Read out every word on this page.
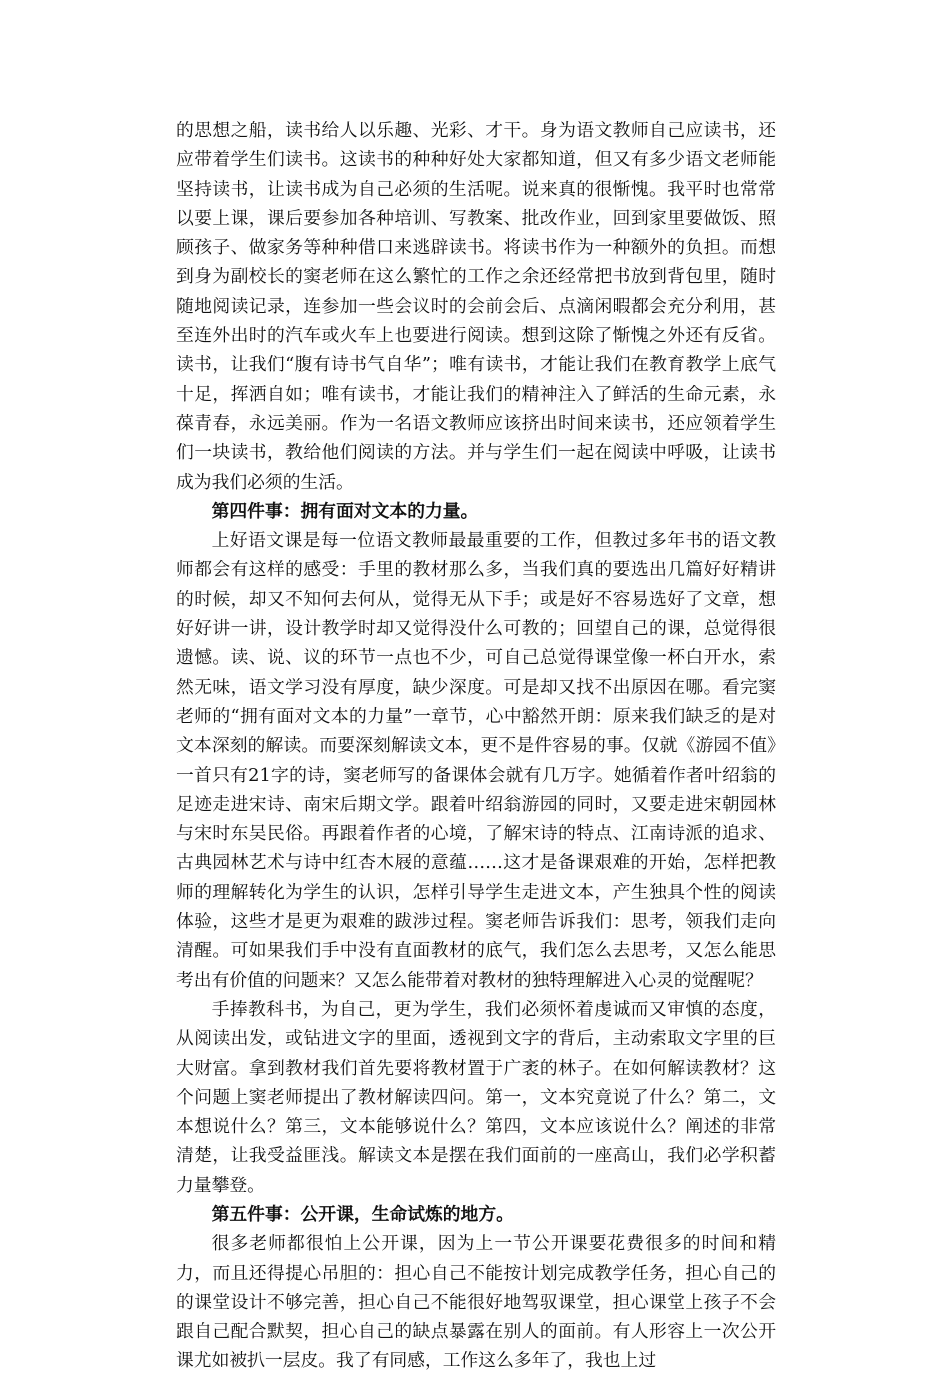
的思想之船，读书给人以乐趣、光彩、才干。身为语文教师自己应读书，还应带着学生们读书。这读书的种种好处大家都知道，但又有多少语文老师能坚持读书，让读书成为自己必须的生活呢。说来真的很惭愧。我平时也常常以要上课，课后要参加各种培训、写教案、批改作业，回到家里要做饭、照顾孩子、做家务等种种借口来逃辟读书。将读书作为一种额外的负担。而想到身为副校长的窦老师在这么繁忙的工作之余还经常把书放到背包里，随时随地阅读记录，连参加一些会议时的会前会后、点滴闲暇都会充分利用，甚至连外出时的汽车或火车上也要进行阅读。想到这除了惭愧之外还有反省。读书，让我们“腹有诗书气自华”；唯有读书，才能让我们在教育教学上底气十足，挥洒自如；唯有读书，才能让我们的精神注入了鲜活的生命元素，永葆青春，永远美丽。作为一名语文教师应该挤出时间来读书，还应领着学生们一块读书，教给他们阅读的方法。并与学生们一起在阅读中呼吸，让读书成为我们必须的生活。

第四件事：拥有面对文本的力量。

上好语文课是每一位语文教师最最重要的工作，但教过多年书的语文教师都会有这样的感受：手里的教材那么多，当我们真的要选出几篇好好精讲的时候，却又不知何去何从，觉得无从下手；或是好不容易选好了文章，想好好讲一讲，设计教学时却又觉得没什么可教的；回望自己的课，总觉得很遗憾。读、说、议的环节一点也不少，可自己总觉得课堂像一杯白开水，索然无味，语文学习没有厚度，缺少深度。可是却又找不出原因在哪。看完窦老师的“拥有面对文本的力量”一章节，心中豁然开朗：原来我们缺乏的是对文本深刻的解读。而要深刻解读文本，更不是件容易的事。仅就《游园不值》一首只有21字的诗，窦老师写的备课体会就有几万字。她循着作者叶绍翁的足迹走进宋诗、南宋后期文学。跟着叶绍翁游园的同时，又要走进宋朝园林与宋时东吴民俗。再跟着作者的心境，了解宋诗的特点、江南诗派的追求、古典园林艺术与诗中红杏木屐的意蕴……这才是备课艰难的开始，怎样把教师的理解转化为学生的认识，怎样引导学生走进文本，产生独具个性的阅读体验，这些才是更为艰难的跋涉过程。窦老师告诉我们：思考，领我们走向清醒。可如果我们手中没有直面教材的底气，我们怎么去思考，又怎么能思考出有价值的问题来？又怎么能带着对教材的独特理解进入心灵的觉醒呢？

手捧教科书，为自己，更为学生，我们必须怀着虔诚而又审慎的态度，从阅读出发，或钻进文字的里面，透视到文字的背后，主动索取文字里的巨大财富。拿到教材我们首先要将教材置于广袤的林子。在如何解读教材？这个问题上窦老师提出了教材解读四问。第一，文本究竟说了什么？第二，文本想说什么？第三，文本能够说什么？第四，文本应该说什么？阐述的非常清楚，让我受益匪浅。解读文本是摆在我们面前的一座高山，我们必学积蓄力量攀登。

第五件事：公开课，生命试炼的地方。

很多老师都很怕上公开课，因为上一节公开课要花费很多的时间和精力，而且还得提心吊胆的：担心自己不能按计划完成教学任务，担心自己的的课堂设计不够完善，担心自己不能很好地驾驭课堂，担心课堂上孩子不会跟自己配合默契，担心自己的缺点暴露在别人的面前。有人形容上一次公开课尤如被扒一层皮。我了有同感，工作这么多年了，我也上过
